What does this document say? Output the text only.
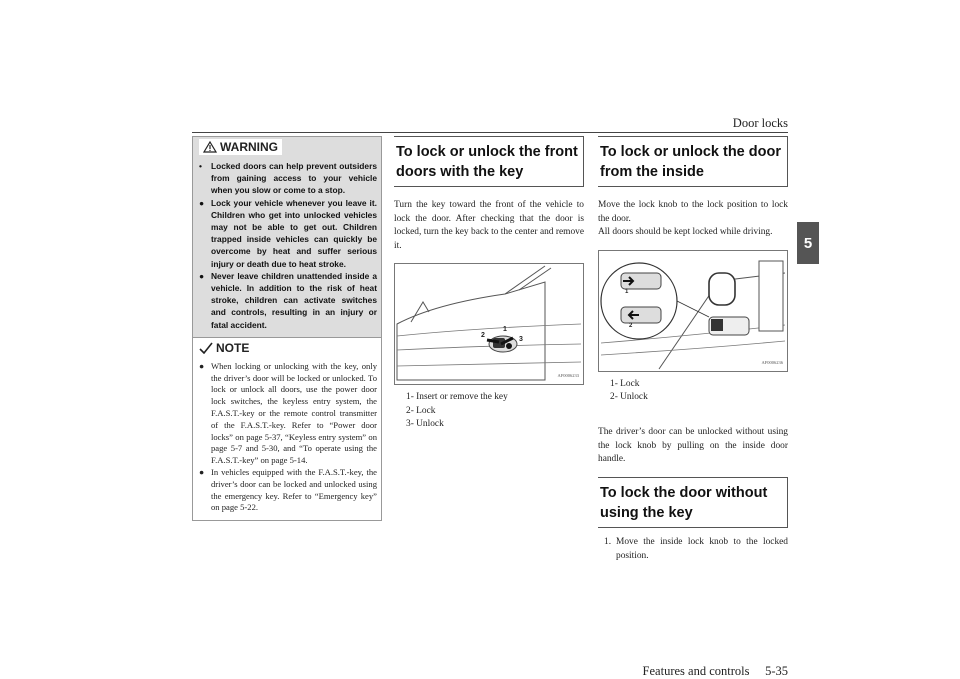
Door locks
5
Features and controls     5-35
WARNING
• Locked doors can help prevent outsiders from gaining access to your vehicle when you slow or come to a stop.
● Lock your vehicle whenever you leave it. Children who get into unlocked vehicles may not be able to get out. Children trapped inside vehicles can quickly be overcome by heat and suffer serious injury or death due to heat stroke.
● Never leave children unattended inside a vehicle. In addition to the risk of heat stroke, children can activate switches and controls, resulting in an injury or fatal accident.
NOTE
● When locking or unlocking with the key, only the driver’s door will be locked or unlocked. To lock or unlock all doors, use the power door lock switches, the keyless entry system, the F.A.S.T.-key or the remote control transmitter of the F.A.S.T.-key. Refer to “Power door locks” on page 5-37, “Keyless entry system” on page 5-7 and 5-30, and “To operate using the F.A.S.T.-key” on page 5-14.
● In vehicles equipped with the F.A.S.T.-key, the driver’s door can be locked and unlocked using the emergency key. Refer to “Emergency key” on page 5-22.
To lock or unlock the front doors with the key
Turn the key toward the front of the vehicle to lock the door. After checking that the door is locked, turn the key back to the center and remove it.
1
2
3
AF0006233
1- Insert or remove the key
2- Lock
3- Unlock
To lock or unlock the door from the inside
Move the lock knob to the lock position to lock the door.
All doors should be kept locked while driving.
1
2
AF0006236
1- Lock
2- Unlock
The driver’s door can be unlocked without using the lock knob by pulling on the inside door handle.
To lock the door without using the key
1. Move the inside lock knob to the locked position.
